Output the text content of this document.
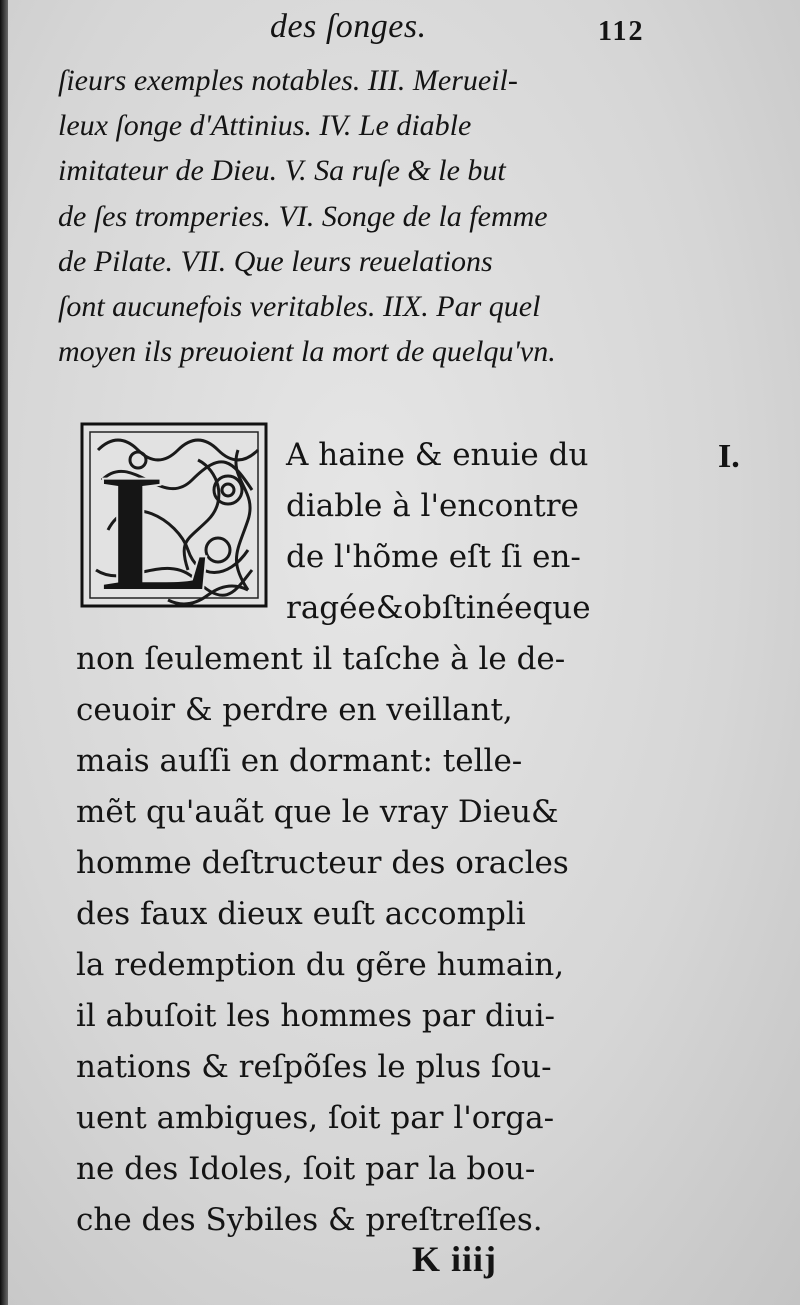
des ſonges.	112
ſieurs exemples notables. III. Merueil-
leux ſonge d'Attinius. IV. Le diable
imitateur de Dieu. V. Sa ruſe & le but
de ſes tromperies. VI. Songe de la femme
de Pilate. VII. Que leurs reuelations
ſont aucunefois veritables. IIX. Par quel
moyen ils preuoient la mort de quelqu'vn.
L
A haine & enuie du
diable à l'encontre
de l'hõme eſt ſi en-
ragée&obſtinéeque
non ſeulement il taſche à le de-
ceuoir & perdre en veillant,
mais auſſi en dormant: telle-
mẽt qu'auãt que le vray Dieu&
homme deſtructeur des oracles
des faux dieux euſt accompli
la redemption du gẽre humain,
il abuſoit les hommes par diui-
nations & reſpõſes le plus ſou-
uent ambigues, ſoit par l'orga-
ne des Idoles, ſoit par la bou-
che des Sybiles & preſtreſſes.
I.
K iiij
